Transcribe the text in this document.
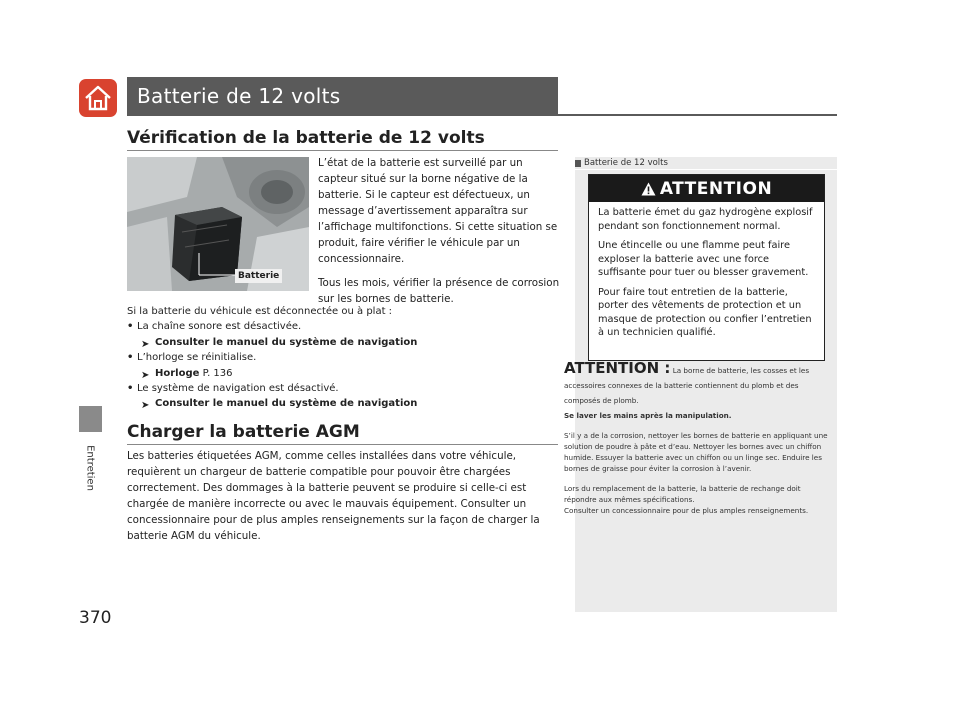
Batterie de 12 volts
Entretien
370
Vérification de la batterie de 12 volts
Batterie

L’état de la batterie est surveillé par un capteur situé sur la borne négative de la batterie. Si le capteur est défectueux, un message d’avertissement apparaîtra sur l’affichage multifonctions. Si cette situation se produit, faire vérifier le véhicule par un concessionnaire.

Tous les mois, vérifier la présence de corrosion sur les bornes de batterie.

Si la batterie du véhicule est déconnectée ou à plat :
• La chaîne sonore est désactivée.
➤ Consulter le manuel du système de navigation
• L’horloge se réinitialise.
➤ Horloge P. 136
• Le système de navigation est désactivé.
➤ Consulter le manuel du système de navigation
Charger la batterie AGM

Les batteries étiquetées AGM, comme celles installées dans votre véhicule, requièrent un chargeur de batterie compatible pour pouvoir être chargées correctement. Des dommages à la batterie peuvent se produire si celle-ci est chargée de manière incorrecte ou avec le mauvais équipement. Consulter un concessionnaire pour de plus amples renseignements sur la façon de charger la batterie AGM du véhicule.

Batterie de 12 volts
ATTENTION

La batterie émet du gaz hydrogène explosif pendant son fonctionnement normal.

Une étincelle ou une flamme peut faire exploser la batterie avec une force suffisante pour tuer ou blesser gravement.

Pour faire tout entretien de la batterie, porter des vêtements de protection et un masque de protection ou confier l’entretien à un technicien qualifié.

ATTENTION : La borne de batterie, les cosses et les accessoires connexes de la batterie contiennent du plomb et des composés de plomb.

Se laver les mains après la manipulation.

S’il y a de la corrosion, nettoyer les bornes de batterie en appliquant une solution de poudre à pâte et d’eau. Nettoyer les bornes avec un chiffon humide. Essuyer la batterie avec un chiffon ou un linge sec. Enduire les bornes de graisse pour éviter la corrosion à l’avenir.

Lors du remplacement de la batterie, la batterie de rechange doit répondre aux mêmes spécifications.
Consulter un concessionnaire pour de plus amples renseignements.
